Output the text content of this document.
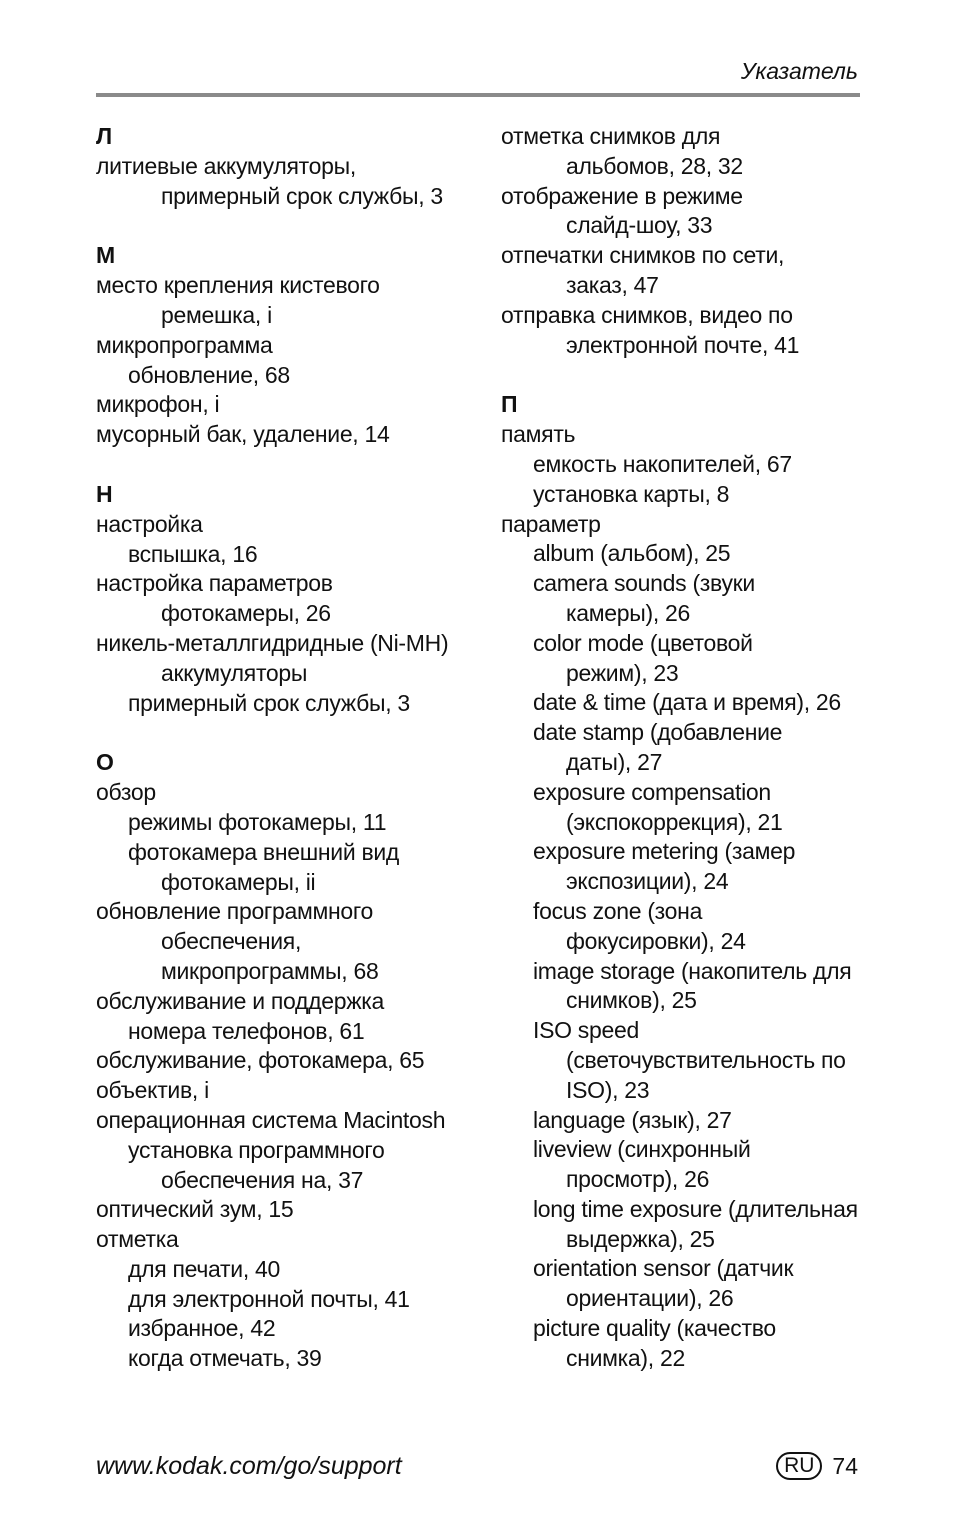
Указатель
Л
литиевые аккумуляторы,
примерный срок службы, 3
М
место крепления кистевого
ремешка, i
микропрограмма
обновление, 68
микрофон, i
мусорный бак, удаление, 14
Н
настройка
вспышка, 16
настройка параметров
фотокамеры, 26
никель-металлгидридные (Ni-MH)
аккумуляторы
примерный срок службы, 3
О
обзор
режимы фотокамеры, 11
фотокамера внешний вид
фотокамеры, ii
обновление программного
обеспечения,
микропрограммы, 68
обслуживание и поддержка
номера телефонов, 61
обслуживание, фотокамера, 65
объектив, i
операционная система Macintosh
установка программного
обеспечения на, 37
оптический зум, 15
отметка
для печати, 40
для электронной почты, 41
избранное, 42
когда отмечать, 39
отметка снимков для
альбомов, 28, 32
отображение в режиме
слайд-шоу, 33
отпечатки снимков по сети,
заказ, 47
отправка снимков, видео по
электронной почте, 41
П
память
емкость накопителей, 67
установка карты, 8
параметр
album (альбом), 25
camera sounds (звуки
камеры), 26
color mode (цветовой
режим), 23
date & time (дата и время), 26
date stamp (добавление
даты), 27
exposure compensation
(экспокоррекция), 21
exposure metering (замер
экспозиции), 24
focus zone (зона
фокусировки), 24
image storage (накопитель для
снимков), 25
ISO speed
(светочувствительность по
ISO), 23
language (язык), 27
liveview (синхронный
просмотр), 26
long time exposure (длительная
выдержка), 25
orientation sensor (датчик
ориентации), 26
picture quality (качество
снимка), 22
www.kodak.com/go/support	RU 74
